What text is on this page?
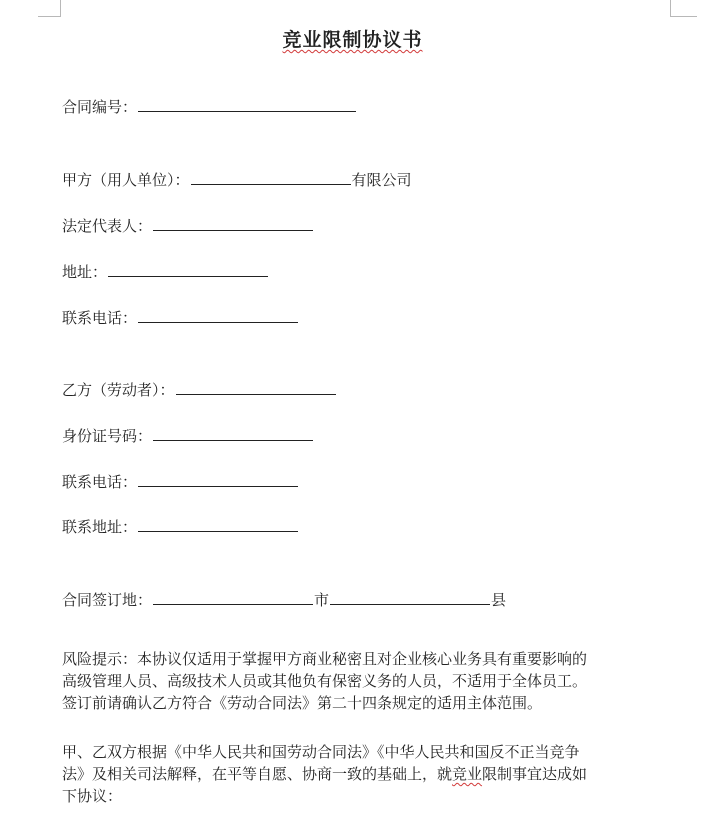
竞业限制协议书
合同编号：
甲方（用人单位）：	有限公司
法定代表人：
地址：
联系电话：
乙方（劳动者）：
身份证号码：
联系电话：
联系地址：
合同签订地：	市	县
风险提示：本协议仅适用于掌握甲方商业秘密且对企业核心业务具有重要影响的
高级管理人员、高级技术人员或其他负有保密义务的人员，不适用于全体员工。
签订前请确认乙方符合《劳动合同法》第二十四条规定的适用主体范围。
甲、乙双方根据《中华人民共和国劳动合同法》《中华人民共和国反不正当竞争
法》及相关司法解释，在平等自愿、协商一致的基础上，就竞业限制事宜达成如
下协议：
